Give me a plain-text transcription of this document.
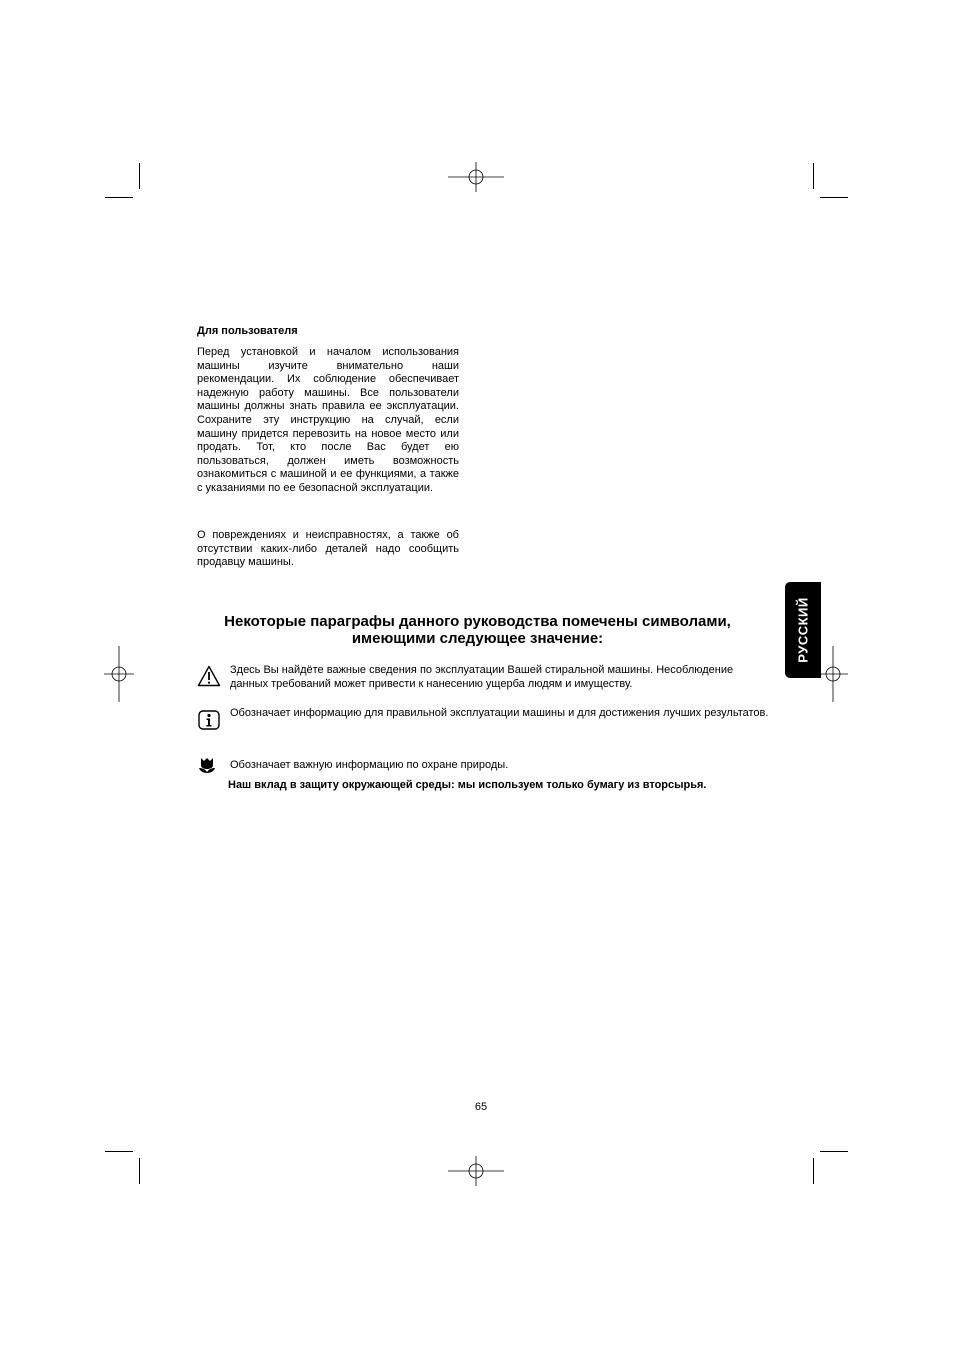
Для пользователя

Перед установкой и началом использования машины изучите внимательно наши рекомендации. Их соблюдение обеспечивает надежную работу машины. Все пользователи машины должны знать правила ее эксплуатации. Сохраните эту инструкцию на случай, если машину придется перевозить на новое место или продать. Тот, кто после Вас будет ею пользоваться, должен иметь возможность ознакомиться с машиной и ее функциями, а также с указаниями по ее безопасной эксплуатации.

О повреждениях и неисправностях, а также об отсутствии каких-либо деталей надо сообщить продавцу машины.

РУССКИЙ
Некоторые параграфы данного руководства помечены символами,
имеющими следующее значение:

Здесь Вы найдёте важные сведения по эксплуатации Вашей стиральной машины. Несоблюдение данных требований может привести к нанесению ущерба людям и имуществу.

Обозначает информацию для правильной эксплуатации машины и для достижения лучших результатов.

Обозначает важную информацию по охране природы.

Наш вклад в защиту окружающей среды: мы используем только бумагу из вторсырья.
65
